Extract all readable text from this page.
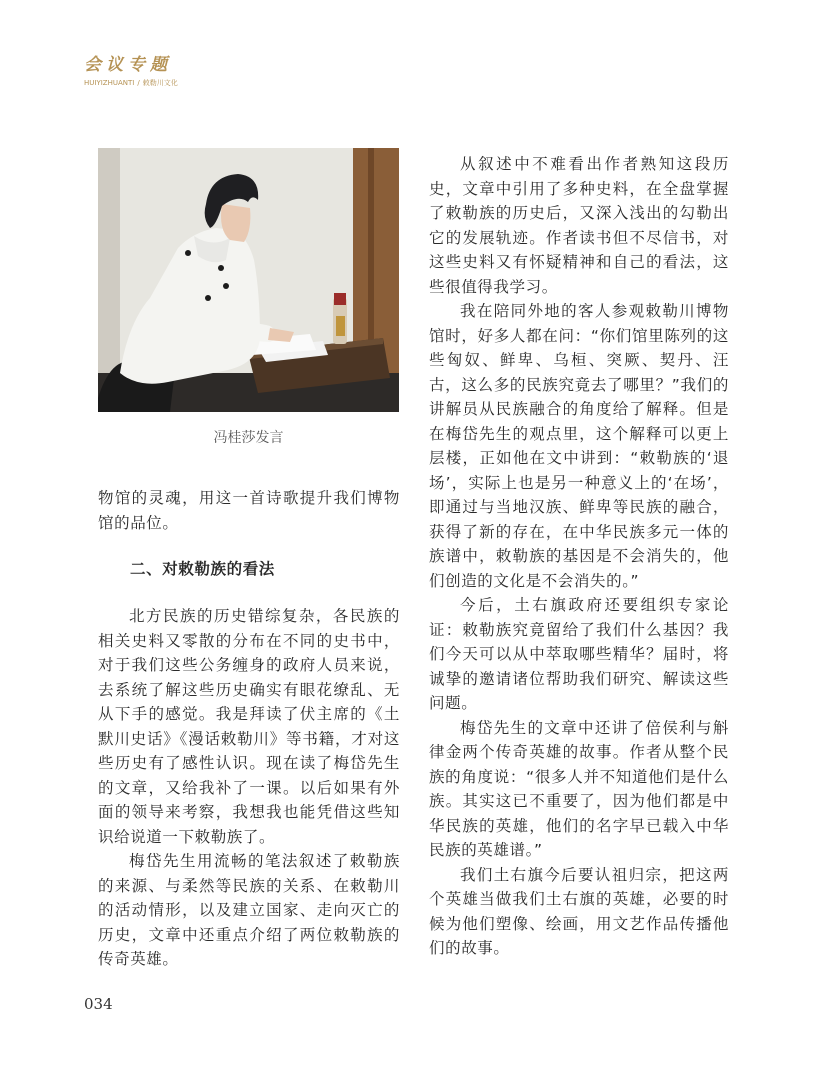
会议专题
HUIYIZHUANTI / 敕勒川文化
冯桂莎发言

物馆的灵魂，用这一首诗歌提升我们博物馆的品位。

二、对敕勒族的看法

北方民族的历史错综复杂，各民族的相关史料又零散的分布在不同的史书中，对于我们这些公务缠身的政府人员来说，去系统了解这些历史确实有眼花缭乱、无从下手的感觉。我是拜读了伏主席的《土默川史话》《漫话敕勒川》等书籍，才对这些历史有了感性认识。现在读了梅岱先生的文章，又给我补了一课。以后如果有外面的领导来考察，我想我也能凭借这些知识给说道一下敕勒族了。

梅岱先生用流畅的笔法叙述了敕勒族的来源、与柔然等民族的关系、在敕勒川的活动情形，以及建立国家、走向灭亡的历史，文章中还重点介绍了两位敕勒族的传奇英雄。

从叙述中不难看出作者熟知这段历史，文章中引用了多种史料，在全盘掌握了敕勒族的历史后，又深入浅出的勾勒出它的发展轨迹。作者读书但不尽信书，对这些史料又有怀疑精神和自己的看法，这些很值得我学习。

我在陪同外地的客人参观敕勒川博物馆时，好多人都在问：“你们馆里陈列的这些匈奴、鲜卑、乌桓、突厥、契丹、汪古，这么多的民族究竟去了哪里？”我们的讲解员从民族融合的角度给了解释。但是在梅岱先生的观点里，这个解释可以更上层楼，正如他在文中讲到：“敕勒族的‘退场’，实际上也是另一种意义上的‘在场’，即通过与当地汉族、鲜卑等民族的融合，获得了新的存在，在中华民族多元一体的族谱中，敕勒族的基因是不会消失的，他们创造的文化是不会消失的。”

今后，土右旗政府还要组织专家论证：敕勒族究竟留给了我们什么基因？我们今天可以从中萃取哪些精华？届时，将诚挚的邀请诸位帮助我们研究、解读这些问题。

梅岱先生的文章中还讲了倍侯利与斛律金两个传奇英雄的故事。作者从整个民族的角度说：“很多人并不知道他们是什么族。其实这已不重要了，因为他们都是中华民族的英雄，他们的名字早已载入中华民族的英雄谱。”

我们土右旗今后要认祖归宗，把这两个英雄当做我们土右旗的英雄，必要的时候为他们塑像、绘画，用文艺作品传播他们的故事。

034
